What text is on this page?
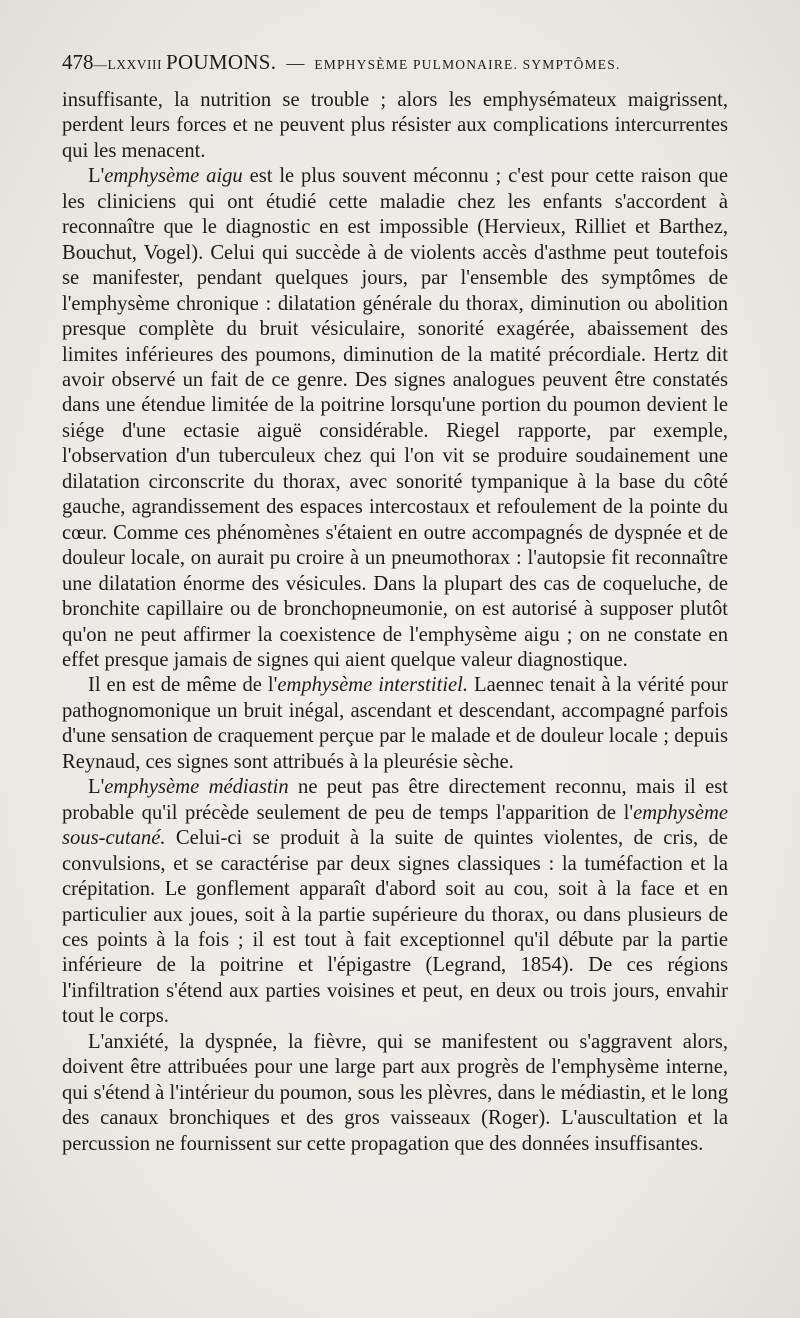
478—LXXVIII POUMONS. — EMPHYSÈME PULMONAIRE. SYMPTÔMES.

insuffisante, la nutrition se trouble ; alors les emphysémateux maigrissent, perdent leurs forces et ne peuvent plus résister aux complications intercurrentes qui les menacent.

L'emphysème aigu est le plus souvent méconnu ; c'est pour cette raison que les cliniciens qui ont étudié cette maladie chez les enfants s'accordent à reconnaître que le diagnostic en est impossible (Hervieux, Rilliet et Barthez, Bouchut, Vogel). Celui qui succède à de violents accès d'asthme peut toutefois se manifester, pendant quelques jours, par l'ensemble des symptômes de l'emphysème chronique : dilatation générale du thorax, diminution ou abolition presque complète du bruit vésiculaire, sonorité exagérée, abaissement des limites inférieures des poumons, diminution de la matité précordiale. Hertz dit avoir observé un fait de ce genre. Des signes analogues peuvent être constatés dans une étendue limitée de la poitrine lorsqu'une portion du poumon devient le siége d'une ectasie aiguë considérable. Riegel rapporte, par exemple, l'observation d'un tuberculeux chez qui l'on vit se produire soudainement une dilatation circonscrite du thorax, avec sonorité tympanique à la base du côté gauche, agrandissement des espaces intercostaux et refoulement de la pointe du cœur. Comme ces phénomènes s'étaient en outre accompagnés de dyspnée et de douleur locale, on aurait pu croire à un pneumothorax : l'autopsie fit reconnaître une dilatation énorme des vésicules. Dans la plupart des cas de coqueluche, de bronchite capillaire ou de bronchopneumonie, on est autorisé à supposer plutôt qu'on ne peut affirmer la coexistence de l'emphysème aigu ; on ne constate en effet presque jamais de signes qui aient quelque valeur diagnostique.

Il en est de même de l'emphysème interstitiel. Laennec tenait à la vérité pour pathognomonique un bruit inégal, ascendant et descendant, accompagné parfois d'une sensation de craquement perçue par le malade et de douleur locale ; depuis Reynaud, ces signes sont attribués à la pleurésie sèche.

L'emphysème médiastin ne peut pas être directement reconnu, mais il est probable qu'il précède seulement de peu de temps l'apparition de l'emphysème sous-cutané. Celui-ci se produit à la suite de quintes violentes, de cris, de convulsions, et se caractérise par deux signes classiques : la tuméfaction et la crépitation. Le gonflement apparaît d'abord soit au cou, soit à la face et en particulier aux joues, soit à la partie supérieure du thorax, ou dans plusieurs de ces points à la fois ; il est tout à fait exceptionnel qu'il débute par la partie inférieure de la poitrine et l'épigastre (Legrand, 1854). De ces régions l'infiltration s'étend aux parties voisines et peut, en deux ou trois jours, envahir tout le corps.

L'anxiété, la dyspnée, la fièvre, qui se manifestent ou s'aggravent alors, doivent être attribuées pour une large part aux progrès de l'emphysème interne, qui s'étend à l'intérieur du poumon, sous les plèvres, dans le médiastin, et le long des canaux bronchiques et des gros vaisseaux (Roger). L'auscultation et la percussion ne fournissent sur cette propagation que des données insuffisantes.
